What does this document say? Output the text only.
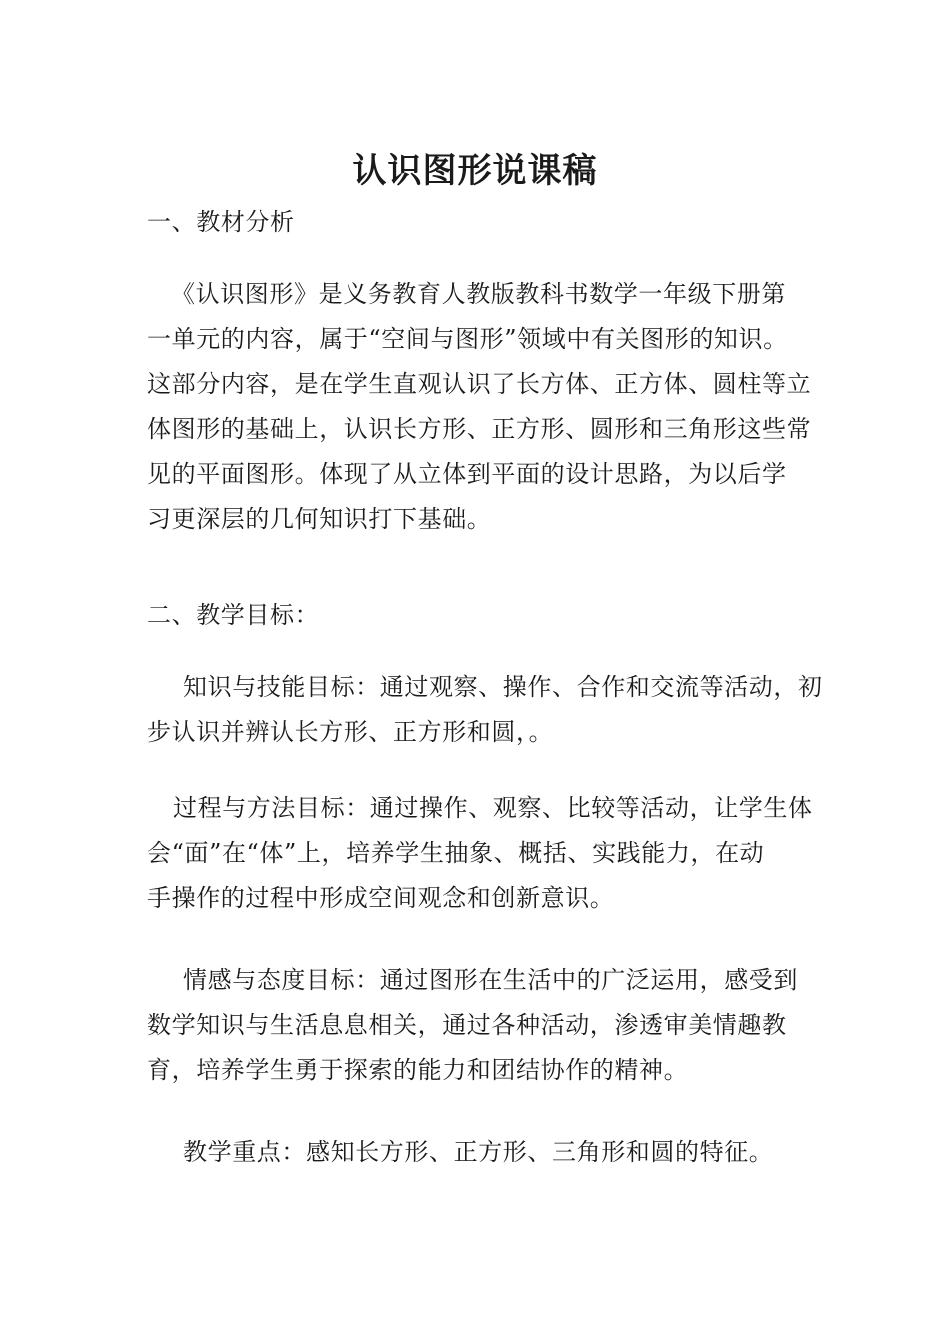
认识图形说课稿

一、教材分析

《认识图形》是义务教育人教版教科书数学一年级下册第
一单元的内容，属于“空间与图形”领域中有关图形的知识。
这部分内容，是在学生直观认识了长方体、正方体、圆柱等立
体图形的基础上，认识长方形、正方形、圆形和三角形这些常
见的平面图形。体现了从立体到平面的设计思路，为以后学
习更深层的几何知识打下基础。

二、教学目标：

知识与技能目标：通过观察、操作、合作和交流等活动，初
步认识并辨认长方形、正方形和圆，。

过程与方法目标：通过操作、观察、比较等活动，让学生体
会“面”在“体”上，培养学生抽象、概括、实践能力，在动
手操作的过程中形成空间观念和创新意识。

情感与态度目标：通过图形在生活中的广泛运用，感受到
数学知识与生活息息相关，通过各种活动，渗透审美情趣教
育，培养学生勇于探索的能力和团结协作的精神。

教学重点：感知长方形、正方形、三角形和圆的特征。
